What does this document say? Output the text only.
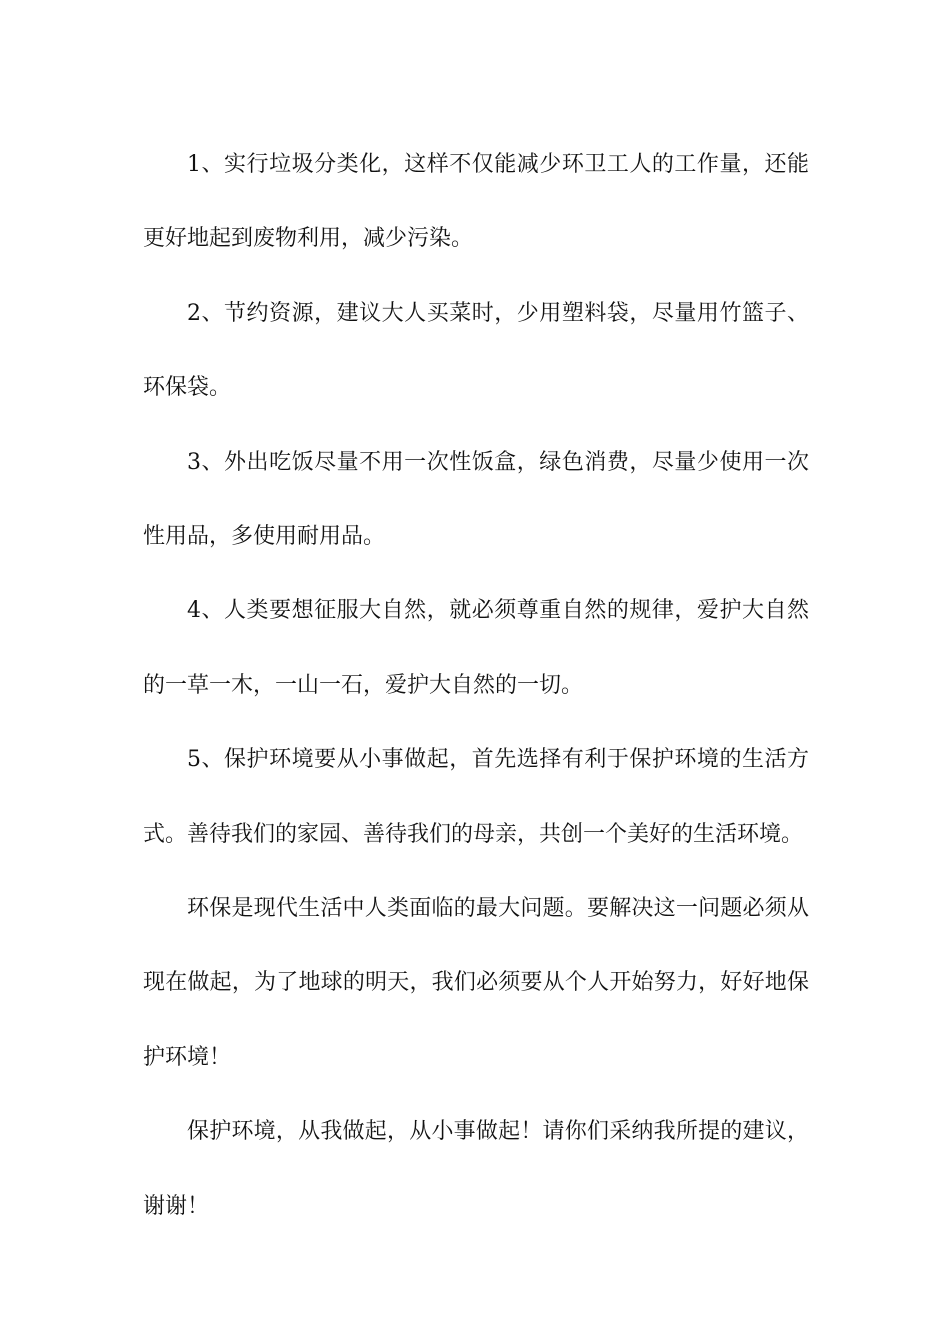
1、实行垃圾分类化，这样不仅能减少环卫工人的工作量，还能更好地起到废物利用，减少污染。

2、节约资源，建议大人买菜时，少用塑料袋，尽量用竹篮子、环保袋。

3、外出吃饭尽量不用一次性饭盒，绿色消费，尽量少使用一次性用品，多使用耐用品。

4、人类要想征服大自然，就必须尊重自然的规律，爱护大自然的一草一木，一山一石，爱护大自然的一切。

5、保护环境要从小事做起，首先选择有利于保护环境的生活方式。善待我们的家园、善待我们的母亲，共创一个美好的生活环境。

环保是现代生活中人类面临的最大问题。要解决这一问题必须从现在做起，为了地球的明天，我们必须要从个人开始努力，好好地保护环境！

保护环境，从我做起，从小事做起！请你们采纳我所提的建议，谢谢！
